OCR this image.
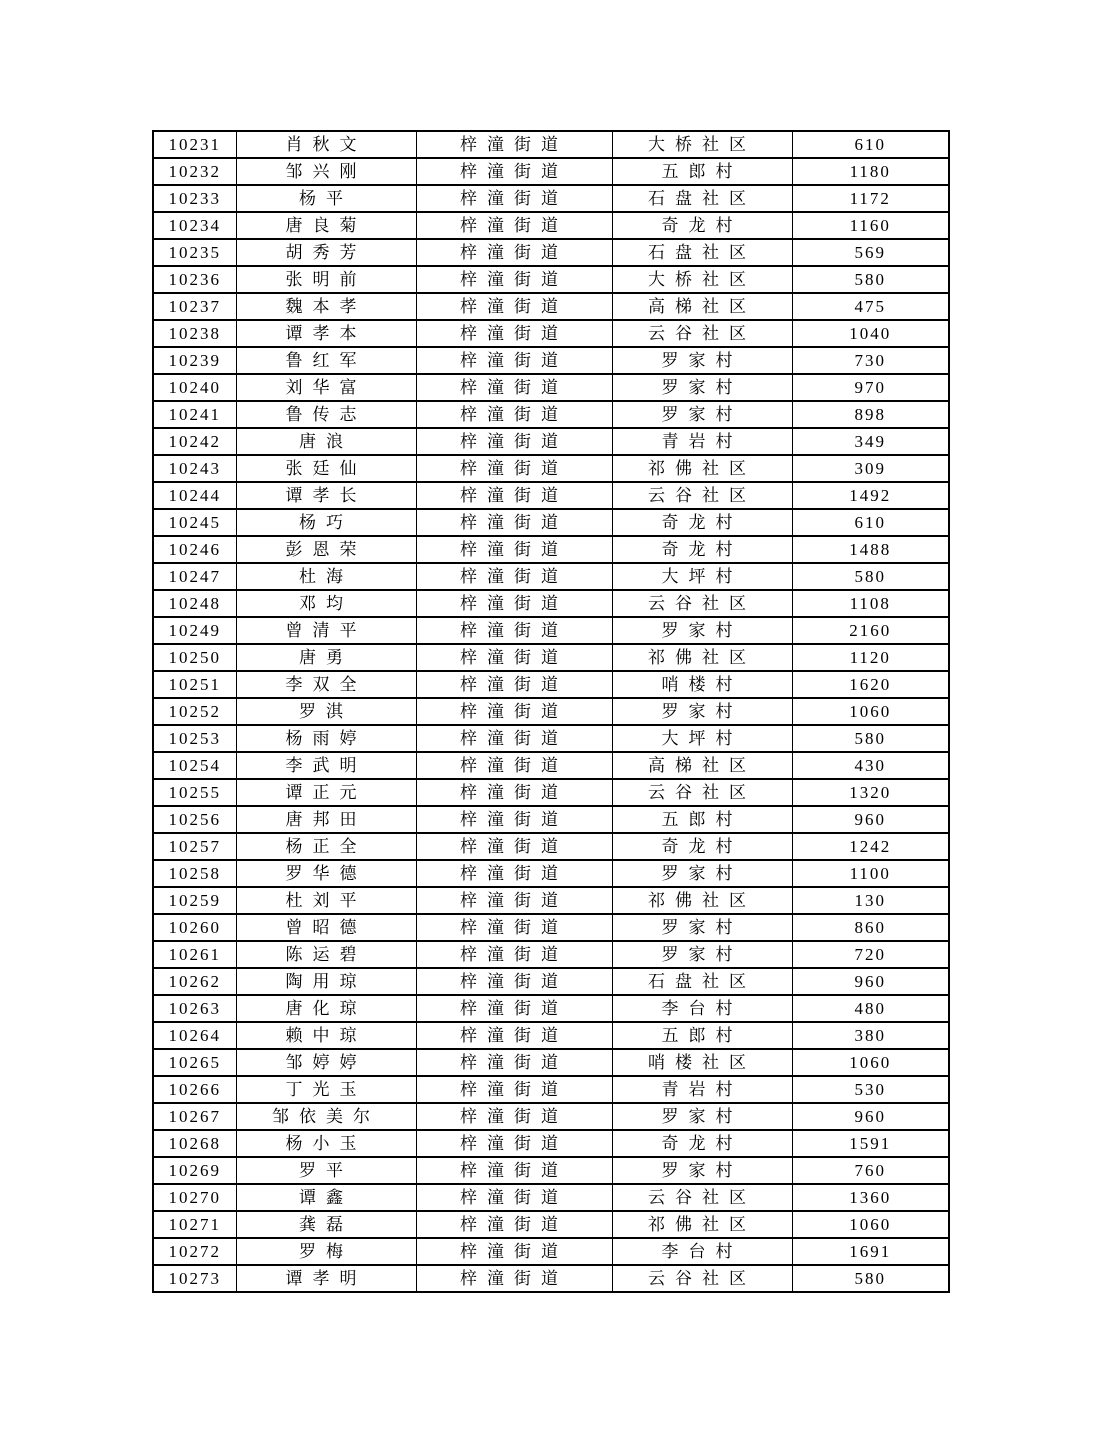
10231	肖秋文	梓潼街道	大桥社区	610
10232	邹兴刚	梓潼街道	五郎村	1180
10233	杨平	梓潼街道	石盘社区	1172
10234	唐良菊	梓潼街道	奇龙村	1160
10235	胡秀芳	梓潼街道	石盘社区	569
10236	张明前	梓潼街道	大桥社区	580
10237	魏本孝	梓潼街道	高梯社区	475
10238	谭孝本	梓潼街道	云谷社区	1040
10239	鲁红军	梓潼街道	罗家村	730
10240	刘华富	梓潼街道	罗家村	970
10241	鲁传志	梓潼街道	罗家村	898
10242	唐浪	梓潼街道	青岩村	349
10243	张廷仙	梓潼街道	祁佛社区	309
10244	谭孝长	梓潼街道	云谷社区	1492
10245	杨巧	梓潼街道	奇龙村	610
10246	彭恩荣	梓潼街道	奇龙村	1488
10247	杜海	梓潼街道	大坪村	580
10248	邓均	梓潼街道	云谷社区	1108
10249	曾清平	梓潼街道	罗家村	2160
10250	唐勇	梓潼街道	祁佛社区	1120
10251	李双全	梓潼街道	哨楼村	1620
10252	罗淇	梓潼街道	罗家村	1060
10253	杨雨婷	梓潼街道	大坪村	580
10254	李武明	梓潼街道	高梯社区	430
10255	谭正元	梓潼街道	云谷社区	1320
10256	唐邦田	梓潼街道	五郎村	960
10257	杨正全	梓潼街道	奇龙村	1242
10258	罗华德	梓潼街道	罗家村	1100
10259	杜刘平	梓潼街道	祁佛社区	130
10260	曾昭德	梓潼街道	罗家村	860
10261	陈运碧	梓潼街道	罗家村	720
10262	陶用琼	梓潼街道	石盘社区	960
10263	唐化琼	梓潼街道	李台村	480
10264	赖中琼	梓潼街道	五郎村	380
10265	邹婷婷	梓潼街道	哨楼社区	1060
10266	丁光玉	梓潼街道	青岩村	530
10267	邹依美尔	梓潼街道	罗家村	960
10268	杨小玉	梓潼街道	奇龙村	1591
10269	罗平	梓潼街道	罗家村	760
10270	谭鑫	梓潼街道	云谷社区	1360
10271	龚磊	梓潼街道	祁佛社区	1060
10272	罗梅	梓潼街道	李台村	1691
10273	谭孝明	梓潼街道	云谷社区	580
